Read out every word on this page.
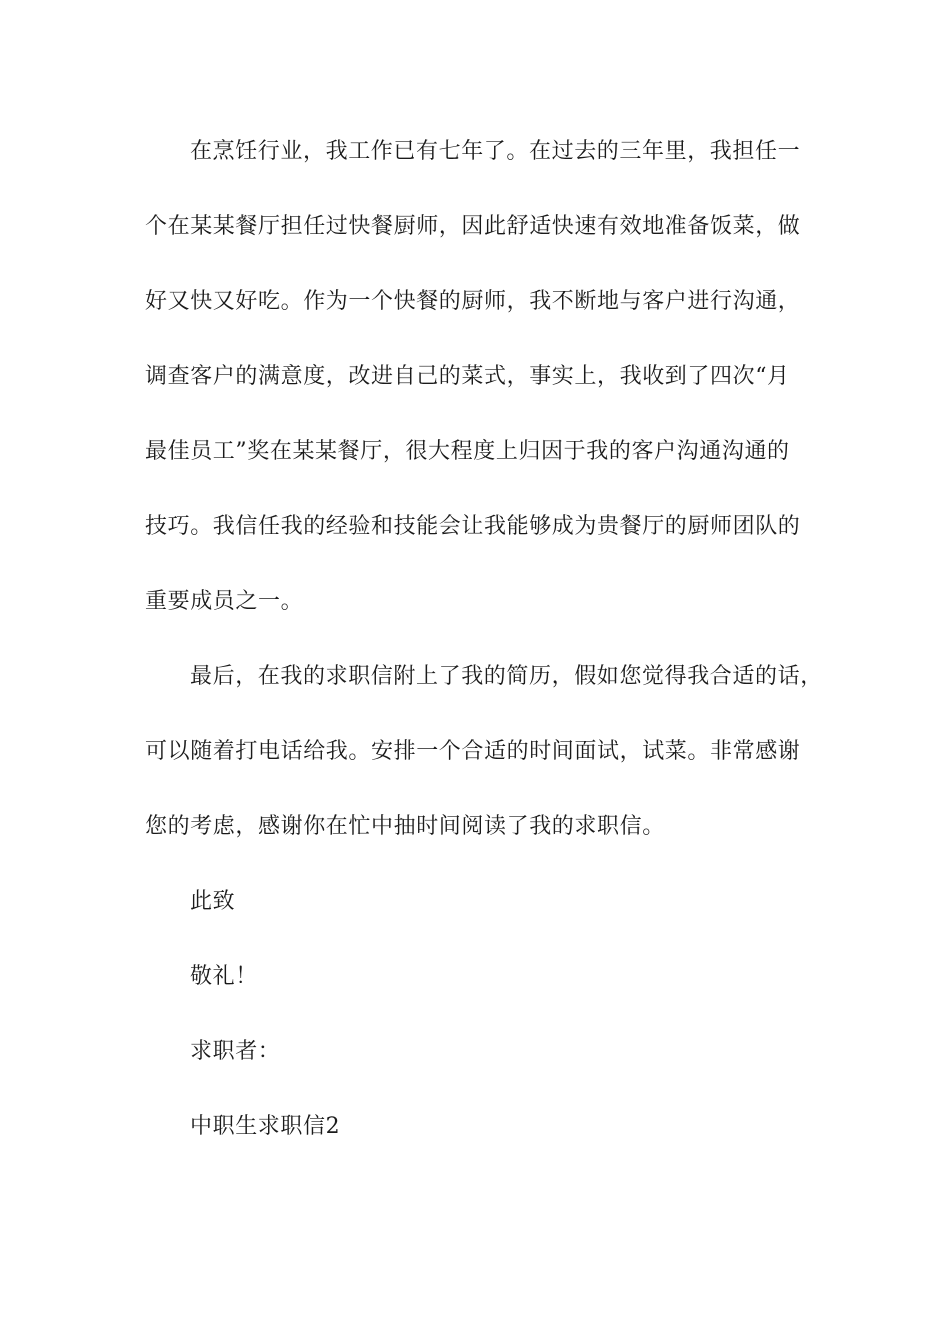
在烹饪行业，我工作已有七年了。在过去的三年里，我担任一
个在某某餐厅担任过快餐厨师，因此舒适快速有效地准备饭菜，做
好又快又好吃。作为一个快餐的厨师，我不断地与客户进行沟通，
调查客户的满意度，改进自己的菜式，事实上，我收到了四次“月
最佳员工”奖在某某餐厅，很大程度上归因于我的客户沟通沟通的
技巧。我信任我的经验和技能会让我能够成为贵餐厅的厨师团队的
重要成员之一。
最后，在我的求职信附上了我的简历，假如您觉得我合适的话，
可以随着打电话给我。安排一个合适的时间面试，试菜。非常感谢
您的考虑，感谢你在忙中抽时间阅读了我的求职信。
此致
敬礼！
求职者：
中职生求职信2
